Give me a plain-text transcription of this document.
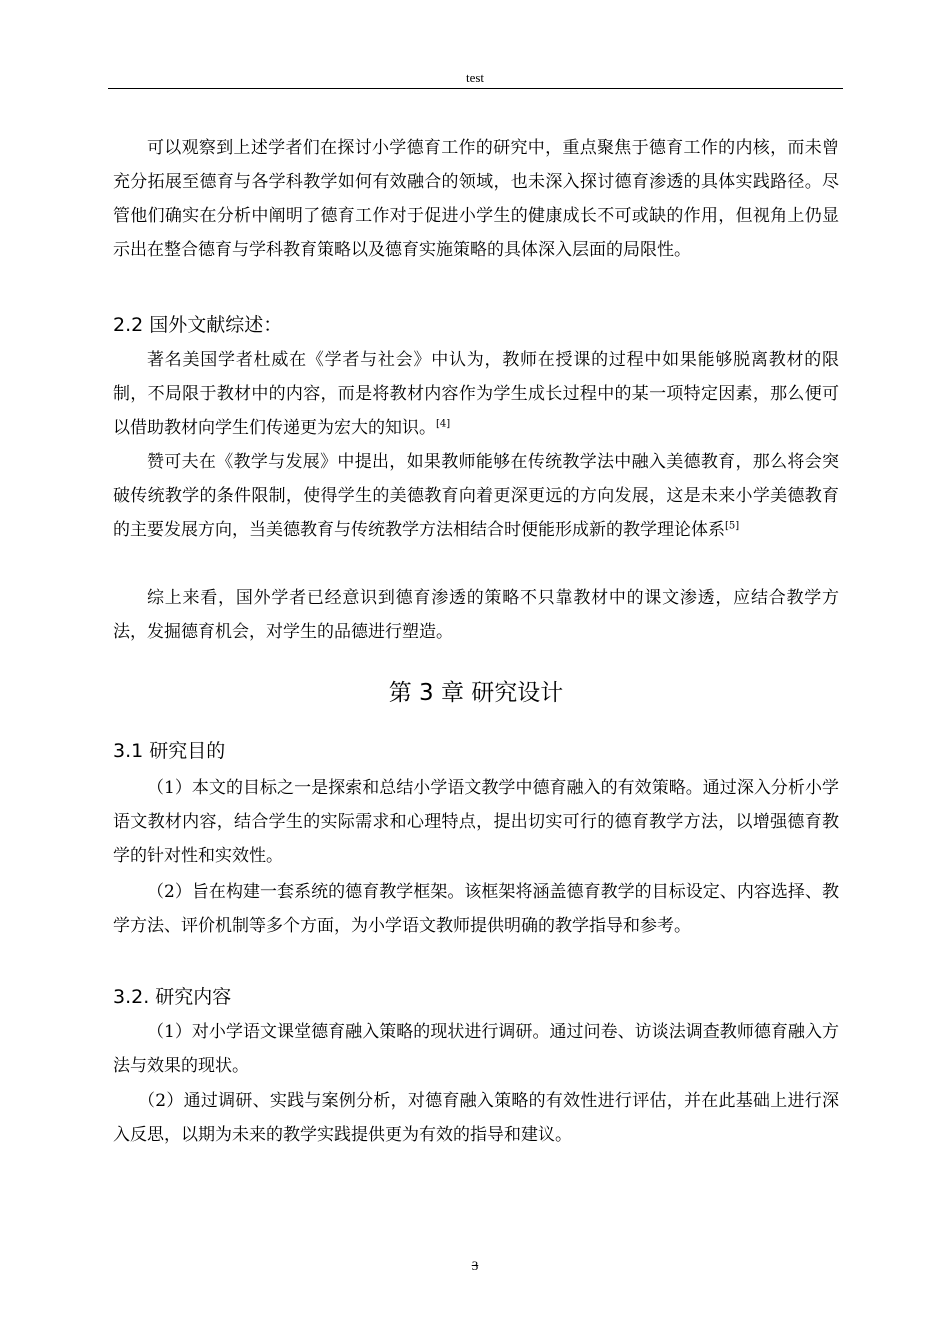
test

可以观察到上述学者们在探讨小学德育工作的研究中，重点聚焦于德育工作的内核，而未曾充分拓展至德育与各学科教学如何有效融合的领域，也未深入探讨德育渗透的具体实践路径。尽管他们确实在分析中阐明了德育工作对于促进小学生的健康成长不可或缺的作用，但视角上仍显示出在整合德育与学科教育策略以及德育实施策略的具体深入层面的局限性。

2.2 国外文献综述：

著名美国学者杜威在《学者与社会》中认为，教师在授课的过程中如果能够脱离教材的限制，不局限于教材中的内容，而是将教材内容作为学生成长过程中的某一项特定因素，那么便可以借助教材向学生们传递更为宏大的知识。[4]

赞可夫在《教学与发展》中提出，如果教师能够在传统教学法中融入美德教育，那么将会突破传统教学的条件限制，使得学生的美德教育向着更深更远的方向发展，这是未来小学美德教育的主要发展方向，当美德教育与传统教学方法相结合时便能形成新的教学理论体系[5]

综上来看，国外学者已经意识到德育渗透的策略不只靠教材中的课文渗透，应结合教学方法，发掘德育机会，对学生的品德进行塑造。

第 3 章 研究设计
3.1 研究目的

（1）本文的目标之一是探索和总结小学语文教学中德育融入的有效策略。通过深入分析小学语文教材内容，结合学生的实际需求和心理特点，提出切实可行的德育教学方法，以增强德育教学的针对性和实效性。

（2）旨在构建一套系统的德育教学框架。该框架将涵盖德育教学的目标设定、内容选择、教学方法、评价机制等多个方面，为小学语文教师提供明确的教学指导和参考。

3.2. 研究内容

（1）对小学语文课堂德育融入策略的现状进行调研。通过问卷、访谈法调查教师德育融入方法与效果的现状。

（2）通过调研、实践与案例分析，对德育融入策略的有效性进行评估，并在此基础上进行深入反思，以期为未来的教学实践提供更为有效的指导和建议。

3
